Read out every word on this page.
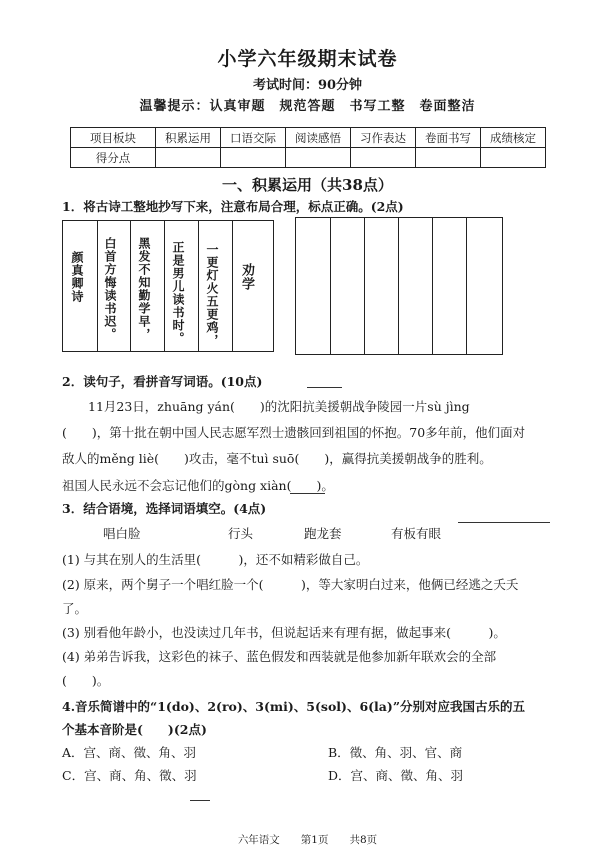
小学六年级期末试卷
考试时间：90分钟
温馨提示：认真审题　规范答题　书写工整　卷面整洁
项目板块	积累运用	口语交际	阅读感悟	习作表达	卷面书写	成绩核定
得分点						
一、积累运用（共38点）
1．将古诗工整地抄写下来，注意布局合理，标点正确。(2点)
劝学
一更灯火五更鸡，
正是男儿读书时。
黑发不知勤学早，
白首方悔读书迟。
颜真卿诗
2．读句子，看拼音写词语。(10点)
11月23日，zhuāng yán(　　)的沈阳抗美援朝战争陵园一片sù jìng
(　　)，第十批在朝中国人民志愿军烈士遗骸回到祖国的怀抱。70多年前，他们面对
敌人的měng liè(　　)攻击，毫不tuì suō(　　)，赢得抗美援朝战争的胜利。
祖国人民永远不会忘记他们的gòng xiàn(　　)。
3．结合语境，选择词语填空。(4点)
唱白脸	行头	跑龙套	有板有眼
(1) 与其在别人的生活里(　　　)，还不如精彩做自己。
(2) 原来，两个舅子一个唱红脸一个(　　　)，等大家明白过来，他俩已经逃之夭夭
了。
(3) 别看他年龄小，也没读过几年书，但说起话来有理有据，做起事来(　　　)。
(4) 弟弟告诉我，这彩色的袜子、蓝色假发和西装就是他参加新年联欢会的全部
(　　)。
4.音乐简谱中的“1(do)、2(ro)、3(mi)、5(sol)、6(la)”分别对应我国古乐的五
个基本音阶是(　　)(2点)
A．宫、商、徵、角、羽	B．徵、角、羽、官、商
C．宫、商、角、徵、羽	D．宫、商、徵、角、羽
六年语文　　第1页　　共8页
